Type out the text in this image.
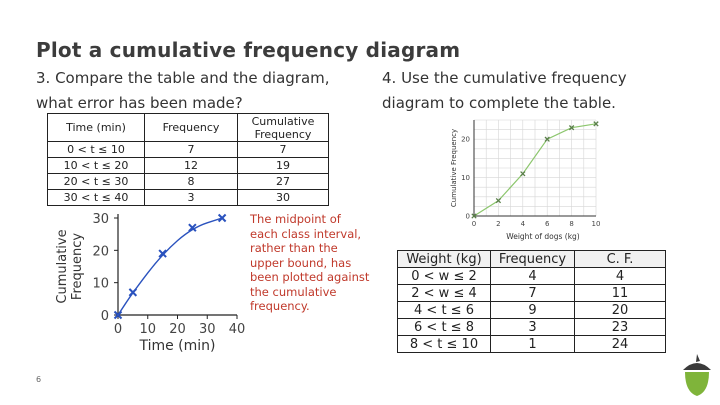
Plot a cumulative frequency diagram
3. Compare the table and the diagram, what error has been made?
4. Use the cumulative frequency diagram to complete the table.
Time (min)	Frequency	Cumulative Frequency
0 < t ≤ 10	7	7
10 < t ≤ 20	12	19
20 < t ≤ 30	8	27
30 < t ≤ 40	3	30
0 10 20 30 40
0
10
20
30
Time (min)
CumulativeFrequency
The midpoint of each class interval, rather than the upper bound, has been plotted against the cumulative frequency.
0	2	4	6	8	10
0
10
20
Weight of dogs (kg)
Cumulative Frequency
Weight (kg)	Frequency	C. F.
0 < w ≤ 2	4	4
2 < w ≤ 4	7	11
4 < t ≤ 6	9	20
6 < t ≤ 8	3	23
8 < t ≤ 10	1	24
6
